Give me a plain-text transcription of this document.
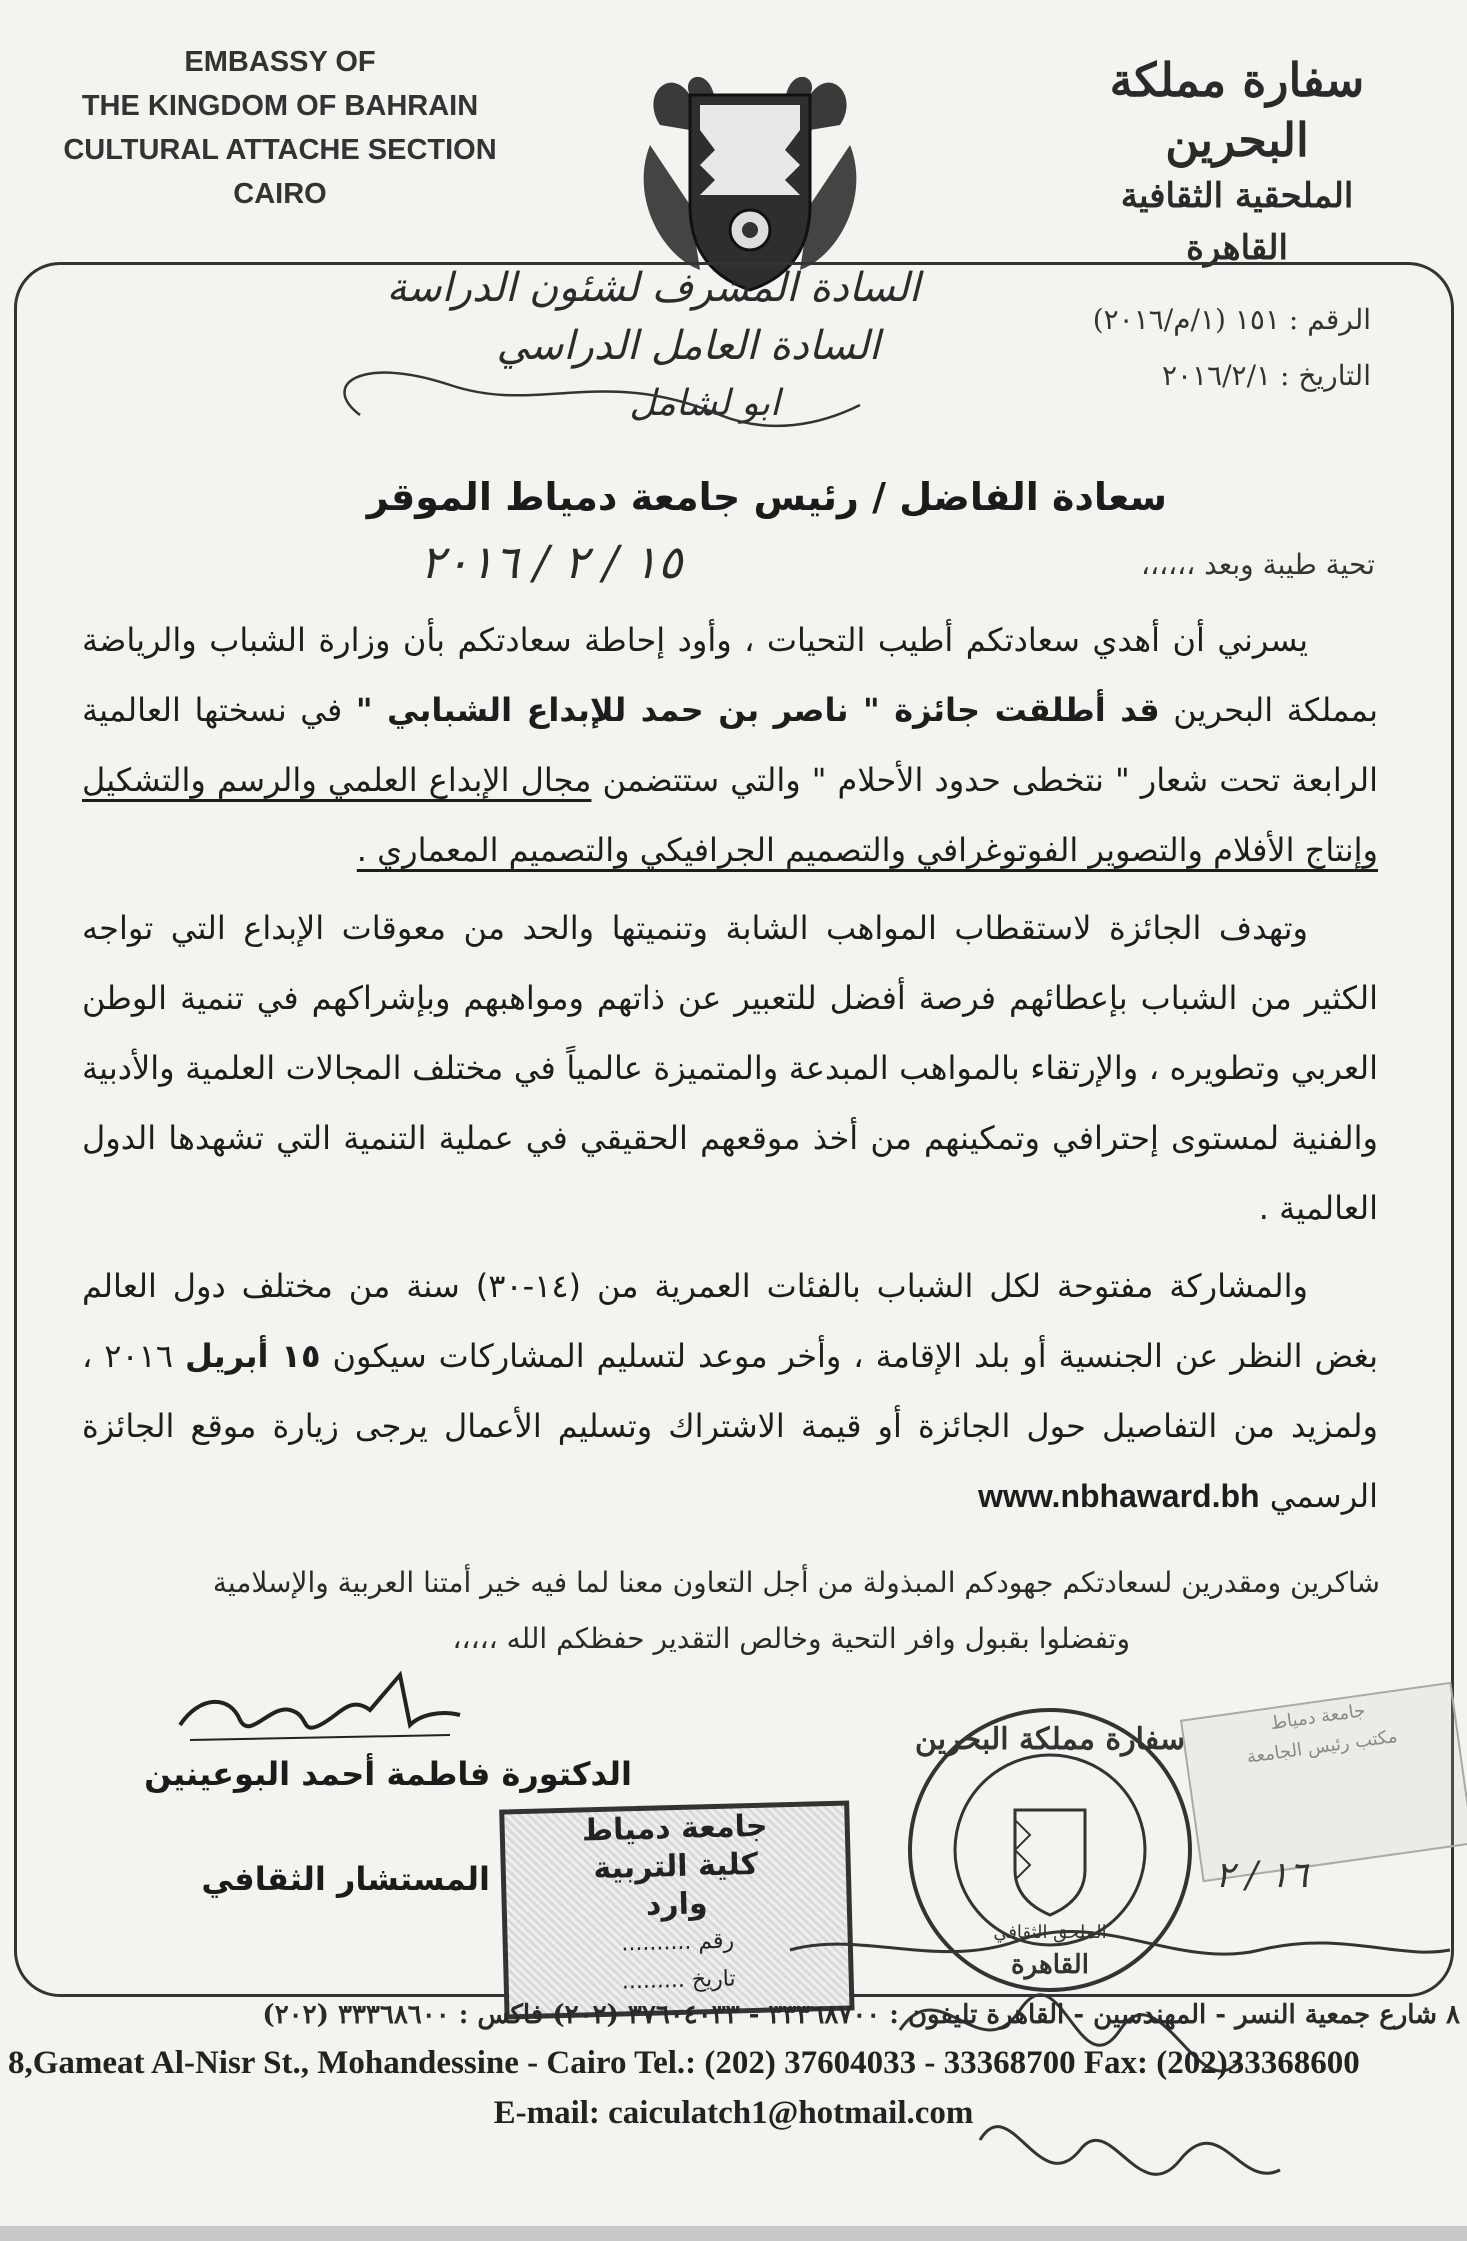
EMBASSY OF
THE KINGDOM OF BAHRAIN
CULTURAL ATTACHE SECTION
CAIRO
سفارة مملكة البحرين
الملحقية الثقافية
القاهرة
الرقم : ١٥١ (١/م/٢٠١٦)
التاريخ : ٢٠١٦/٢/١
السادة المشرف لشئون الدراسة
السادة العامل الدراسي
ابو لشامل
سعادة الفاضل / رئيس جامعة دمياط الموقر
تحية طيبة وبعد ،،،،،،
١٥ / ٢ / ٢٠١٦

يسرني أن أهدي سعادتكم أطيب التحيات ، وأود إحاطة سعادتكم بأن وزارة الشباب والرياضة بمملكة البحرين قد أطلقت جائزة " ناصر بن حمد للإبداع الشبابي " في نسختها العالمية الرابعة تحت شعار " نتخطى حدود الأحلام " والتي ستتضمن مجال الإبداع العلمي والرسم والتشكيل وإنتاج الأفلام والتصوير الفوتوغرافي والتصميم الجرافيكي والتصميم المعماري .

وتهدف الجائزة لاستقطاب المواهب الشابة وتنميتها والحد من معوقات الإبداع التي تواجه الكثير من الشباب بإعطائهم فرصة أفضل للتعبير عن ذاتهم ومواهبهم وبإشراكهم في تنمية الوطن العربي وتطويره ، والإرتقاء بالمواهب المبدعة والمتميزة عالمياً في مختلف المجالات العلمية والأدبية والفنية لمستوى إحترافي وتمكينهم من أخذ موقعهم الحقيقي في عملية التنمية التي تشهدها الدول العالمية .

والمشاركة مفتوحة لكل الشباب بالفئات العمرية من (١٤-٣٠) سنة من مختلف دول العالم بغض النظر عن الجنسية أو بلد الإقامة ، وأخر موعد لتسليم المشاركات سيكون ١٥ أبريل ٢٠١٦ ، ولمزيد من التفاصيل حول الجائزة أو قيمة الاشتراك وتسليم الأعمال يرجى زيارة موقع الجائزة الرسمي www.nbhaward.bh

شاكرين ومقدرين لسعادتكم جهودكم المبذولة من أجل التعاون معنا لما فيه خير أمتنا العربية والإسلامية
وتفضلوا بقبول وافر التحية وخالص التقدير حفظكم الله ،،،،،
الدكتورة فاطمة أحمد البوعينين
المستشار الثقافي
جامعة دمياط
كلية التربية
وارد
رقم ..........
تاريخ .........
سفارة مملكة البحرين
الملحق الثقافي
القاهرة
جامعة دمياط
مكتب رئيس الجامعة
١٦ / ٢
٨ شارع جمعية النسر - المهندسين - القاهرة تليفون : ٣٣٣٦٨٧٠٠ - ٣٧٦٠٤٠٣٣ (٢٠٢) فاكس : ٣٣٣٦٨٦٠٠ (٢٠٢)
8,Gameat Al-Nisr St., Mohandessine - Cairo Tel.: (202) 37604033 - 33368700 Fax: (202)33368600
E-mail: caiculatch1@hotmail.com
